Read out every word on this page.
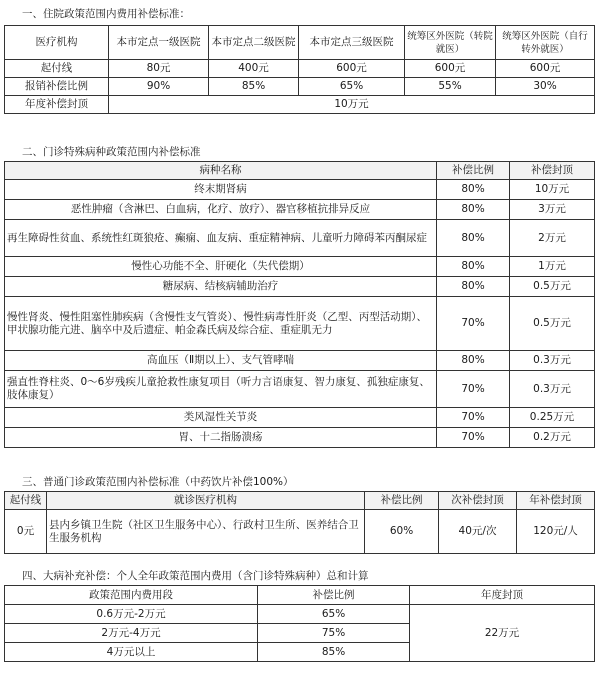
一、住院政策范围内费用补偿标准：
医疗机构	本市定点一级医院	本市定点二级医院	本市定点三级医院	统筹区外医院（转院就医）	统筹区外医院（自行转外就医）
起付线	80元	400元	600元	600元	600元
报销补偿比例	90%	85%	65%	55%	30%
年度补偿封顶	10万元				
二、门诊特殊病种政策范围内补偿标准
病种名称	补偿比例	补偿封顶
终末期肾病	80%	10万元
恶性肿瘤（含淋巴、白血病，化疗、放疗）、器官移植抗排异反应	80%	3万元
再生障碍性贫血、系统性红斑狼疮、癫痫、血友病、重症精神病、儿童听力障碍苯丙酮尿症	80%	2万元
慢性心功能不全、肝硬化（失代偿期）	80%	1万元
糖尿病、结核病辅助治疗	80%	0.5万元
慢性肾炎、慢性阻塞性肺疾病（含慢性支气管炎）、慢性病毒性肝炎（乙型、丙型活动期）、甲状腺功能亢进、脑卒中及后遗症、帕金森氏病及综合症、重症肌无力	70%	0.5万元
高血压（Ⅱ期以上）、支气管哮喘	80%	0.3万元
强直性脊柱炎、0～6岁残疾儿童抢救性康复项目（听力言语康复、智力康复、孤独症康复、肢体康复）	70%	0.3万元
类风湿性关节炎	70%	0.25万元
胃、十二指肠溃疡	70%	0.2万元
三、普通门诊政策范围内补偿标准（中药饮片补偿100%）
起付线	就诊医疗机构	补偿比例	次补偿封顶	年补偿封顶
0元	县内乡镇卫生院（社区卫生服务中心）、行政村卫生所、医养结合卫生服务机构	60%	40元/次	120元/人
四、大病补充补偿：个人全年政策范围内费用（含门诊特殊病种）总和计算
政策范围内费用段	补偿比例	年度封顶
0.6万元-2万元	65%	22万元
2万元-4万元	75%	
4万元以上	85%	
